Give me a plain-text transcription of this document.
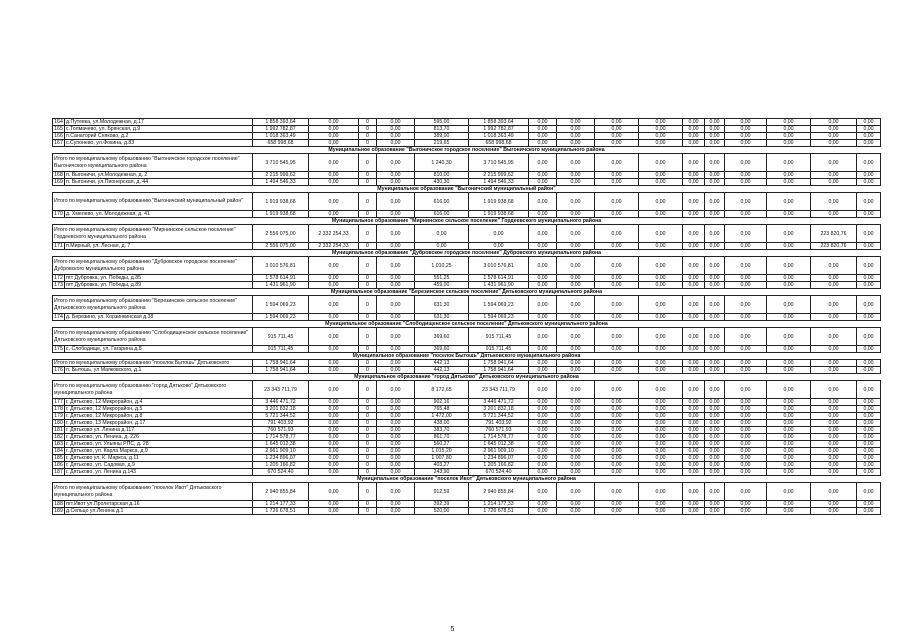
164	д.Путевка, ул.Молодежная, д.17	1 858 393,64	0,00	0	0,00	595,00	1 858 393,64	0,00	0,00	0,00	0,00	0,00	0,00	0,00	0,00	0,00	0,00
165	с.Толмачево, ул. Брянская, д.9	1 992 782,87	0,00	0	0,00	813,70	1 992 782,87	0,00	0,00	0,00	0,00	0,00	0,00	0,00	0,00	0,00	0,00
166	п.Санаторий Сняково, д.2	1 018 363,49	0,00	0	0,00	389,00	1 018 363,49	0,00	0,00	0,00	0,00	0,00	0,00	0,00	0,00	0,00	0,00
167	с.Супонево, ул.Фокина, д.83	658 998,68	0,00	0	0,00	219,65	658 998,68	0,00	0,00	0,00	0,00	0,00	0,00	0,00	0,00	0,00	0,00
Муниципальное образование "Выгоничское городское поселение" Выгоничского муниципального района																	
Итого по муниципальному образованию "Выгоничское городское поселение" Выгоничского муниципального района		3 710 545,95	0,00	0	0,00	1 240,30	3 710 545,95	0,00	0,00	0,00	0,00	0,00	0,00	0,00	0,00	0,00	0,00
168	п. Выгоничи, ул.Молодежная, д. 2	2 215 999,62	0,00	0	0,00	810,00	2 215 999,62	0,00	0,00	0,00	0,00	0,00	0,00	0,00	0,00	0,00	0,00
169	п. Выгоничи, ул.Пионерская, д. 44	1 494 546,33	0,00	0	0,00	430,30	1 494 546,33	0,00	0,00	0,00	0,00	0,00	0,00	0,00	0,00	0,00	0,00
Муниципальное образование "Выгоничский муниципальный район"																	
Итого по муниципальному образованию "Выгоничский муниципальный район"		1 919 938,68	0,00	0	0,00	616,00	1 919 938,68	0,00	0,00	0,00	0,00	0,00	0,00	0,00	0,00	0,00	0,00
170	д. Хмелево, ул. Молодежная, д. 41	1 919 938,68	0,00	0	0,00	616,00	1 919 938,68	0,00	0,00	0,00	0,00	0,00	0,00	0,00	0,00	0,00	0,00
Муниципальное образование "Мирнинское сельское поселение" Гордеевского муниципального района																	
Итого по муниципальному образованию "Мирнинское сельское поселение" Гордеевского муниципального района		2 556 075,00	2 332 254,33	0	0,00	0,00	0,00	0,00	0,00	0,00	0,00	0,00	0,00	0,00	0,00	223 820,76	0,00
171	п.Мирный, ул. Лесная, д. 7	2 556 075,00	2 332 254,33	0	0,00	0,00	0,00	0,00	0,00	0,00	0,00	0,00	0,00	0,00	0,00	223 820,76	0,00
Муниципальное образование "Дубровское городское поселение" Дубровского муниципального района																	
Итого по муниципальному образованию "Дубровское городское поселение" Дубровского муниципального района		3 010 576,81	0,00	0	0,00	1 010,25	3 010 576,81	0,00	0,00	0,00	0,00	0,00	0,00	0,00	0,00	0,00	0,00
172	пгт Дубровка, ул. Победы, д.85	1 578 614,91	0,00	0	0,00	551,25	1 578 614,91	0,00	0,00	0,00	0,00	0,00	0,00	0,00	0,00	0,00	0,00
173	пгт Дубровка, ул. Победы, д.89	1 431 961,90	0,00	0	0,00	459,00	1 431 961,90	0,00	0,00	0,00	0,00	0,00	0,00	0,00	0,00	0,00	0,00
Муниципальное образование "Березинское сельское поселение" Дятьковского муниципального района																	
Итого по муниципальному образованию "Березинское сельское поселение" Дятьковского муниципального района		1 594 069,23	0,00	0	0,00	631,30	1 594 069,23	0,00	0,00	0,00	0,00	0,00	0,00	0,00	0,00	0,00	0,00
174	д. Березино, ул. Корзинкинская д.38	1 594 069,23	0,00	0	0,00	631,30	1 594 069,23	0,00	0,00	0,00	0,00	0,00	0,00	0,00	0,00	0,00	0,00
Муниципальное образование "Слободищенское сельское поселение" Дятьковского муниципального района																	
Итого по муниципальному образованию "Слободищенское сельское поселение" Дятьковского муниципального района		915 711,45	0,00	0	0,00	369,60	915 711,45	0,00	0,00	0,00	0,00	0,00	0,00	0,00	0,00	0,00	0,00
175	с. Слободище, ул. Гагарина д.8	915 711,45	0,00	0	0,00	369,60	915 711,45	0,00	0,00	0,00	0,00	0,00	0,00	0,00	0,00	0,00	0,00
Муниципальное образование "поселок Бытошь" Дятьковского муниципального района																	
Итого по муниципальному образованию "поселок Бытошь" Дятьковского		1 758 941,64	0,00	0	0,00	442,13	1 758 941,64	0,00	0,00	0,00	0,00	0,00	0,00	0,00	0,00	0,00	0,00
176	п. Бытошь, ул Маяковского, д.1	1 758 941,64	0,00	0	0,00	442,13	1 758 941,64	0,00	0,00	0,00	0,00	0,00	0,00	0,00	0,00	0,00	0,00
Муниципальное образование "город Дятьково" Дятьковского муниципального района																	
Итого по муниципальному образованию "город Дятьково" Дятьковского муниципального района		23 343 711,79	0,00	0	0,00	8 172,65	23 343 711,79	0,00	0,00	0,00	0,00	0,00	0,00	0,00	0,00	0,00	0,00
177	г. Дятьково, 12 Микрорайон, д.4	3 446 471,72	0,00	0	0,00	902,16	3 446 471,72	0,00	0,00	0,00	0,00	0,00	0,00	0,00	0,00	0,00	0,00
178	г. Дятьково, 12 Микрорайон, д.5	3 201 832,18	0,00	0	0,00	765,48	3 201 832,18	0,00	0,00	0,00	0,00	0,00	0,00	0,00	0,00	0,00	0,00
179	г. Дятьково, 12 Микрорайон, д.8	5 721 344,52	0,00	0	0,00	1 472,00	5 721 344,52	0,00	0,00	0,00	0,00	0,00	0,00	0,00	0,00	0,00	0,00
180	г. Дятьково, 13 Микрорайон, д.17	791 403,92	0,00	0	0,00	438,00	791 403,92	0,00	0,00	0,00	0,00	0,00	0,00	0,00	0,00	0,00	0,00
181	г. Дятьково ул. Ленина д.117	760 571,93	0,00	0	0,00	383,70	760 571,93	0,00	0,00	0,00	0,00	0,00	0,00	0,00	0,00	0,00	0,00
182	г. Дятьково, ул. Ленина, д. 226	1 714 578,77	0,00	0	0,00	861,70	1 714 578,77	0,00	0,00	0,00	0,00	0,00	0,00	0,00	0,00	0,00	0,00
183	г. Дятьково, ул. Ульяны РПС, д. 28	1 645 012,38	0,00	0	0,00	560,27	1 645 012,38	0,00	0,00	0,00	0,00	0,00	0,00	0,00	0,00	0,00	0,00
184	г. Дятьково, ул. Карла Маркса, д.9	2 961 909,10	0,00	0	0,00	1 015,20	2 961 909,10	0,00	0,00	0,00	0,00	0,00	0,00	0,00	0,00	0,00	0,00
185	г. Дятьково ул. К. Маркса, д.11	1 234 896,07	0,00	0	0,00	1 007,80	1 234 896,07	0,00	0,00	0,00	0,00	0,00	0,00	0,00	0,00	0,00	0,00
186	г. Дятьково, ул. Садовая, д.9	1 205 166,82	0,00	0	0,00	403,27	1 205 166,82	0,00	0,00	0,00	0,00	0,00	0,00	0,00	0,00	0,00	0,00
187	г. Дятьково, ул. Ленина д.143	670 524,40	0,00	0	0,00	243,90	670 524,40	0,00	0,00	0,00	0,00	0,00	0,00	0,00	0,00	0,00	0,00
Муниципальное образование "поселок Ивот" Дятьковского муниципального района																	
Итого по муниципальному образованию "поселок Ивот" Дятьковского муниципального района		2 940 855,84	0,00	0	0,00	912,59	2 940 855,84	0,00	0,00	0,00	0,00	0,00	0,00	0,00	0,00	0,00	0,00
188	пгт.Ивот ул.Пролетарская д.16	1 214 177,33	0,00	0	0,00	392,39	1 214 177,33	0,00	0,00	0,00	0,00	0,00	0,00	0,00	0,00	0,00	0,00
189	д.Сельцо ул.Ленина д.1	1 726 678,51	0,00	0	0,00	520,00	1 726 678,51	0,00	0,00	0,00	0,00	0,00	0,00	0,00	0,00	0,00	0,00
5
